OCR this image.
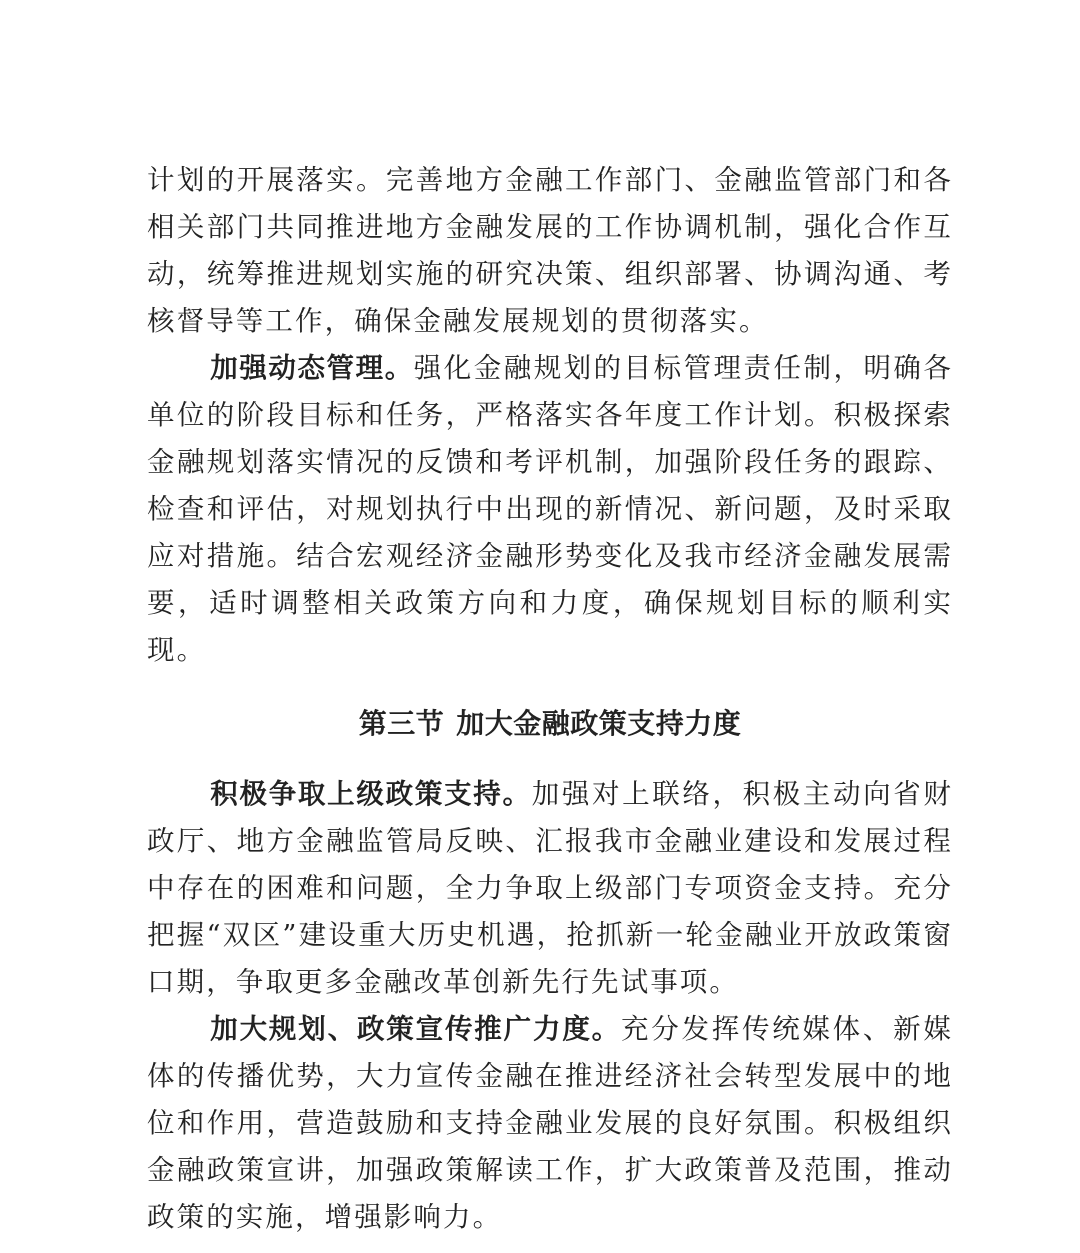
计划的开展落实。完善地方金融工作部门、金融监管部门和各相关部门共同推进地方金融发展的工作协调机制，强化合作互动，统筹推进规划实施的研究决策、组织部署、协调沟通、考核督导等工作，确保金融发展规划的贯彻落实。

加强动态管理。强化金融规划的目标管理责任制，明确各单位的阶段目标和任务，严格落实各年度工作计划。积极探索金融规划落实情况的反馈和考评机制，加强阶段任务的跟踪、检查和评估，对规划执行中出现的新情况、新问题，及时采取应对措施。结合宏观经济金融形势变化及我市经济金融发展需要，适时调整相关政策方向和力度，确保规划目标的顺利实现。

第三节 加大金融政策支持力度

积极争取上级政策支持。加强对上联络，积极主动向省财政厅、地方金融监管局反映、汇报我市金融业建设和发展过程中存在的困难和问题，全力争取上级部门专项资金支持。充分把握“双区”建设重大历史机遇，抢抓新一轮金融业开放政策窗口期，争取更多金融改革创新先行先试事项。

加大规划、政策宣传推广力度。充分发挥传统媒体、新媒体的传播优势，大力宣传金融在推进经济社会转型发展中的地位和作用，营造鼓励和支持金融业发展的良好氛围。积极组织金融政策宣讲，加强政策解读工作，扩大政策普及范围，推动政策的实施，增强影响力。
